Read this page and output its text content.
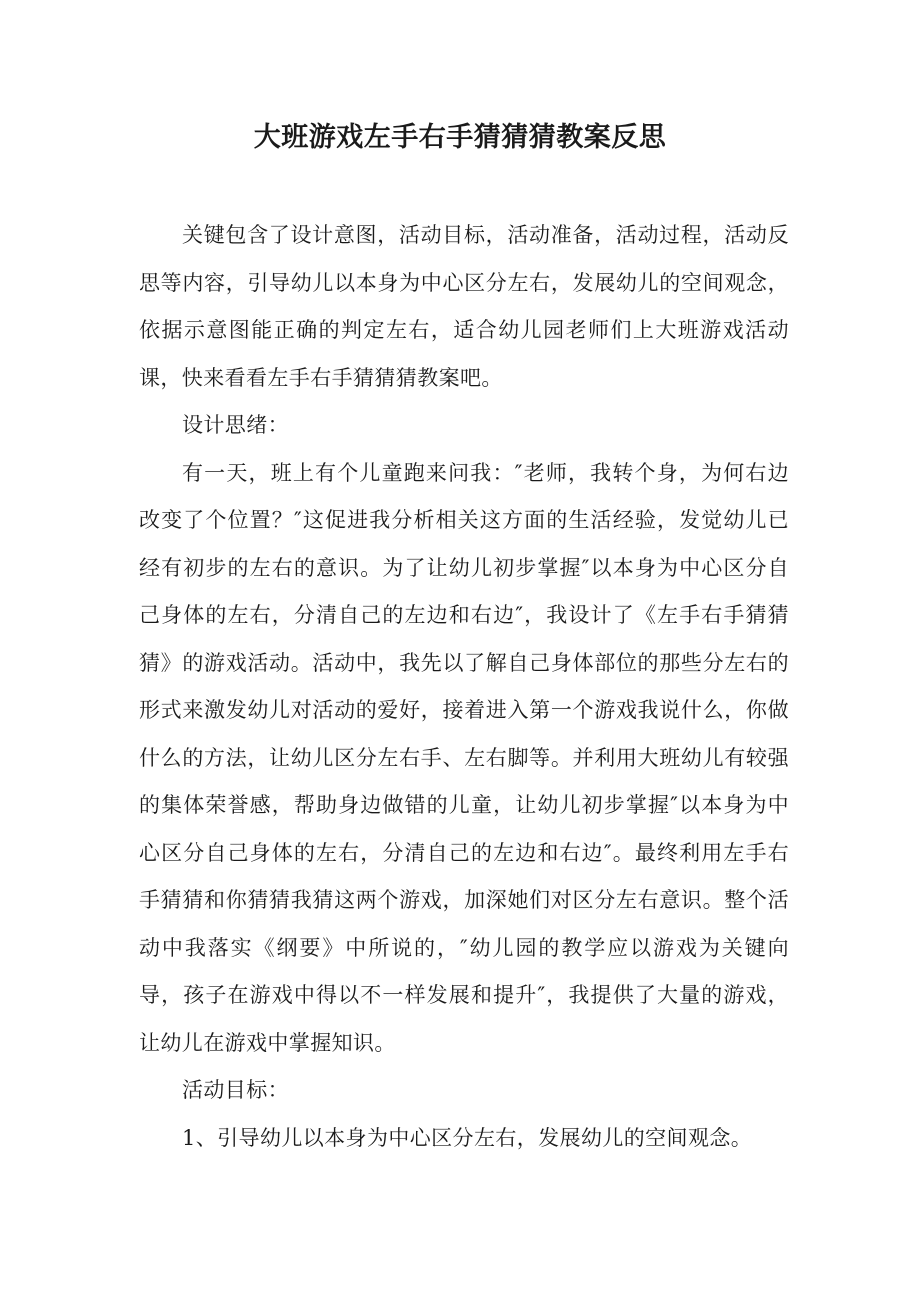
大班游戏左手右手猜猜猜教案反思

关键包含了设计意图，活动目标，活动准备，活动过程，活动反思等内容，引导幼儿以本身为中心区分左右，发展幼儿的空间观念，依据示意图能正确的判定左右，适合幼儿园老师们上大班游戏活动课，快来看看左手右手猜猜猜教案吧。

设计思绪：

有一天，班上有个儿童跑来问我：″老师，我转个身，为何右边改变了个位置？″这促进我分析相关这方面的生活经验，发觉幼儿已经有初步的左右的意识。为了让幼儿初步掌握″以本身为中心区分自己身体的左右，分清自己的左边和右边″，我设计了《左手右手猜猜猜》的游戏活动。活动中，我先以了解自己身体部位的那些分左右的形式来激发幼儿对活动的爱好，接着进入第一个游戏我说什么，你做什么的方法，让幼儿区分左右手、左右脚等。并利用大班幼儿有较强的集体荣誉感，帮助身边做错的儿童，让幼儿初步掌握″以本身为中心区分自己身体的左右，分清自己的左边和右边″。最终利用左手右手猜猜和你猜猜我猜这两个游戏，加深她们对区分左右意识。整个活动中我落实《纲要》中所说的，″幼儿园的教学应以游戏为关键向导，孩子在游戏中得以不一样发展和提升″，我提供了大量的游戏，让幼儿在游戏中掌握知识。

活动目标：

1、引导幼儿以本身为中心区分左右，发展幼儿的空间观念。
